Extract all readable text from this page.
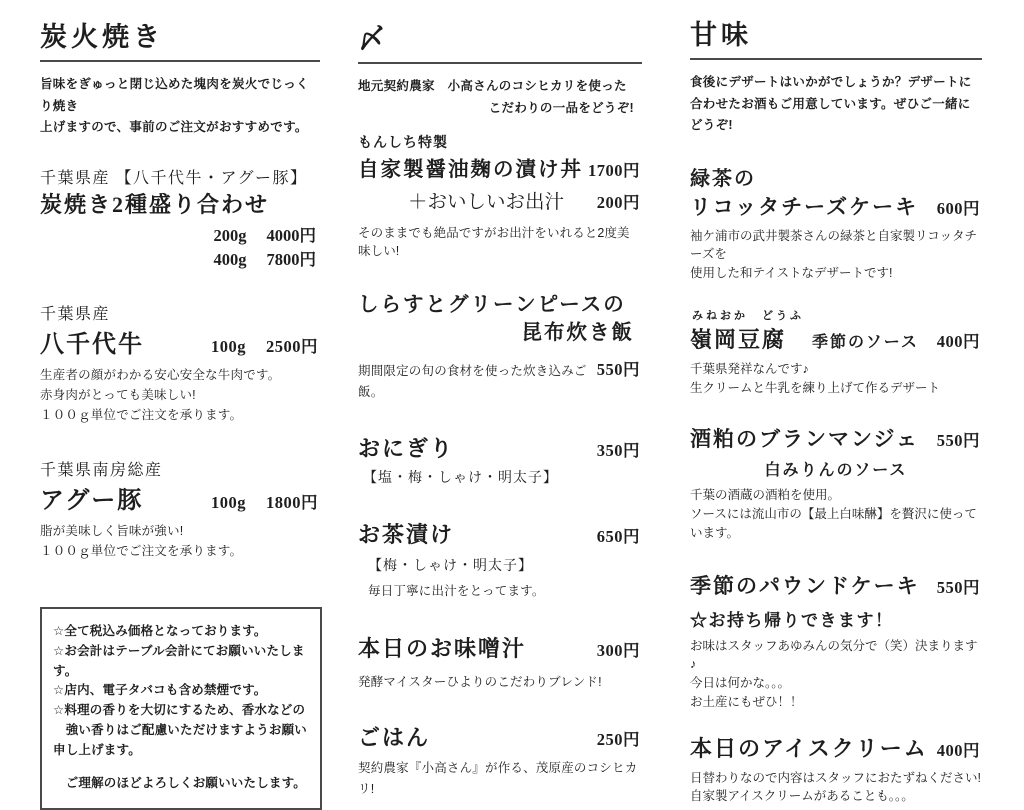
炭火焼き
旨味をぎゅっと閉じ込めた塊肉を炭火でじっくり焼き
上げますので、事前のご注文がおすすめです。
千葉県産 【八千代牛・アグー豚】
炭焼き2種盛り合わせ
200g 4000円
400g 7800円
千葉県産
八千代牛	100g 2500円
生産者の顔がわかる安心安全な牛肉です。
赤身肉がとっても美味しい!
１００ｇ単位でご注文を承ります。
千葉県南房総産
アグー豚	100g 1800円
脂が美味しく旨味が強い!
１００ｇ単位でご注文を承ります。
☆全て税込み価格となっております。
☆お会計はテーブル会計にてお願いいたします。
☆店内、電子タバコも含め禁煙です。
☆料理の香りを大切にするため、香水などの
　強い香りはご配慮いただけますようお願い申し上げます。
　ご理解のほどよろしくお願いいたします。
〆
地元契約農家　小高さんのコシヒカリを使った
こだわりの一品をどうぞ!
もんしち特製
自家製醤油麹の漬け丼 1700円
＋おいしいお出汁 200円
そのままでも絶品ですがお出汁をいれると2度美味しい!
しらすとグリーンピースの
昆布炊き飯
期間限定の旬の食材を使った炊き込みご飯。
550円
おにぎり	350円
【塩・梅・しゃけ・明太子】
お茶漬け	650円
【梅・しゃけ・明太子】
毎日丁寧に出汁をとってます。
本日のお味噌汁	300円
発酵マイスターひよりのこだわりブレンド!
ごはん	250円
契約農家『小高さん』が作る、茂原産のコシヒカリ!
甘味
食後にデザートはいかがでしょうか？デザートに
合わせたお酒もご用意しています。ぜひご一緒にどうぞ!
緑茶の
リコッタチーズケーキ 600円
袖ケ浦市の武井製茶さんの緑茶と自家製リコッタチーズを
使用した和テイストなデザートです!
みねおか　どうふ
嶺岡豆腐 季節のソース 400円
千葉県発祥なんです♪
生クリームと牛乳を練り上げて作るデザート
酒粕のブランマンジェ 550円
白みりんのソース
千葉の酒蔵の酒粕を使用。
ソースには流山市の【最上白味醂】を贅沢に使っています。
季節のパウンドケーキ 550円
☆お持ち帰りできます！
お味はスタッフあゆみんの気分で（笑）決まります♪
今日は何かな。。。
お土産にもぜひ！！
本日のアイスクリーム 400円
日替わりなので内容はスタッフにおたずねください!
自家製アイスクリームがあることも。。。
